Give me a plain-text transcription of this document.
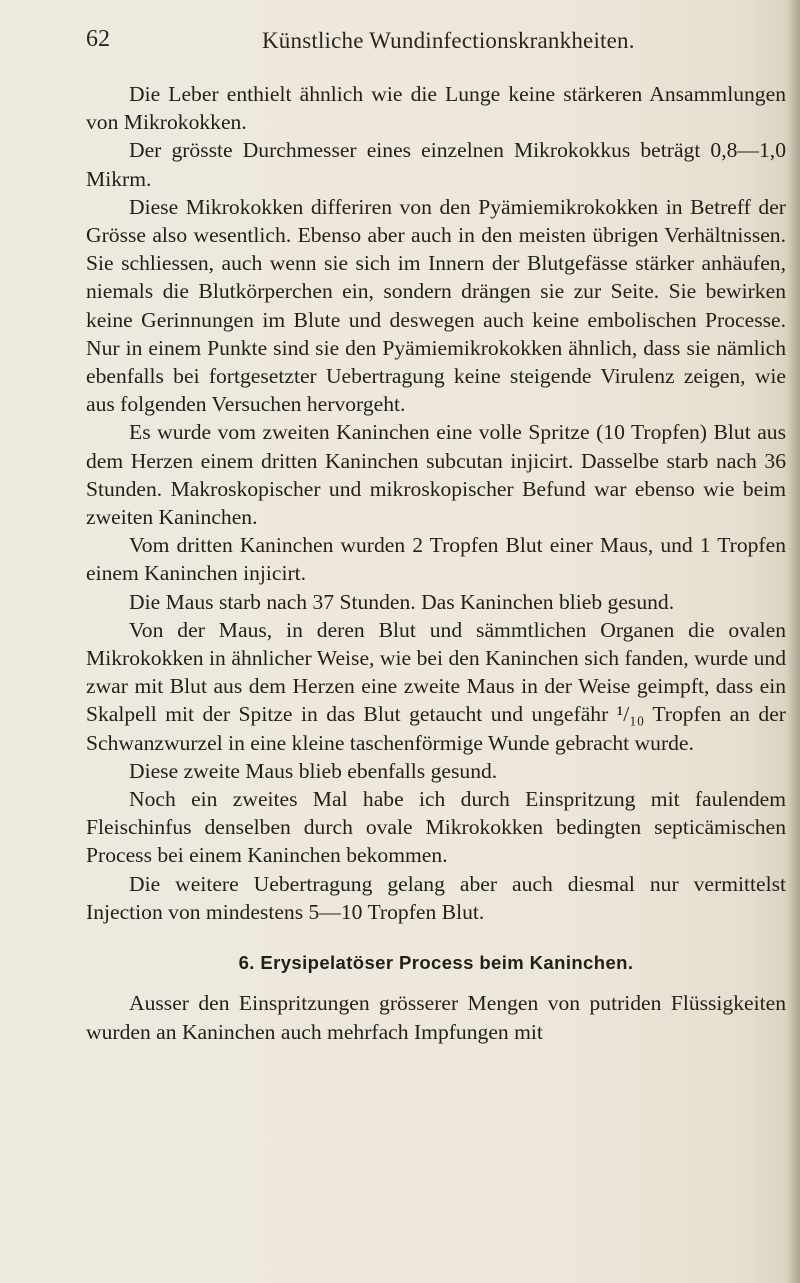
62	Künstliche Wundinfectionskrankheiten.

Die Leber enthielt ähnlich wie die Lunge keine stärkeren Ansammlungen von Mikrokokken.

Der grösste Durchmesser eines einzelnen Mikrokokkus beträgt 0,8—1,0 Mikrm.

Diese Mikrokokken differiren von den Pyämiemikrokokken in Betreff der Grösse also wesentlich. Ebenso aber auch in den meisten übrigen Verhältnissen. Sie schliessen, auch wenn sie sich im Innern der Blutgefässe stärker anhäufen, niemals die Blutkörperchen ein, sondern drängen sie zur Seite. Sie bewirken keine Gerinnungen im Blute und deswegen auch keine embolischen Processe. Nur in einem Punkte sind sie den Pyämiemikrokokken ähnlich, dass sie nämlich ebenfalls bei fortgesetzter Uebertragung keine steigende Virulenz zeigen, wie aus folgenden Versuchen hervorgeht.

Es wurde vom zweiten Kaninchen eine volle Spritze (10 Tropfen) Blut aus dem Herzen einem dritten Kaninchen subcutan injicirt. Dasselbe starb nach 36 Stunden. Makroskopischer und mikroskopischer Befund war ebenso wie beim zweiten Kaninchen.

Vom dritten Kaninchen wurden 2 Tropfen Blut einer Maus, und 1 Tropfen einem Kaninchen injicirt.

Die Maus starb nach 37 Stunden. Das Kaninchen blieb gesund.

Von der Maus, in deren Blut und sämmtlichen Organen die ovalen Mikrokokken in ähnlicher Weise, wie bei den Kaninchen sich fanden, wurde und zwar mit Blut aus dem Herzen eine zweite Maus in der Weise geimpft, dass ein Skalpell mit der Spitze in das Blut getaucht und ungefähr ¹/₁₀ Tropfen an der Schwanzwurzel in eine kleine taschenförmige Wunde gebracht wurde.

Diese zweite Maus blieb ebenfalls gesund.

Noch ein zweites Mal habe ich durch Einspritzung mit faulendem Fleischinfus denselben durch ovale Mikrokokken bedingten septicämischen Process bei einem Kaninchen bekommen.

Die weitere Uebertragung gelang aber auch diesmal nur vermittelst Injection von mindestens 5—10 Tropfen Blut.

6. Erysipelatöser Process beim Kaninchen.

Ausser den Einspritzungen grösserer Mengen von putriden Flüssigkeiten wurden an Kaninchen auch mehrfach Impfungen mit
